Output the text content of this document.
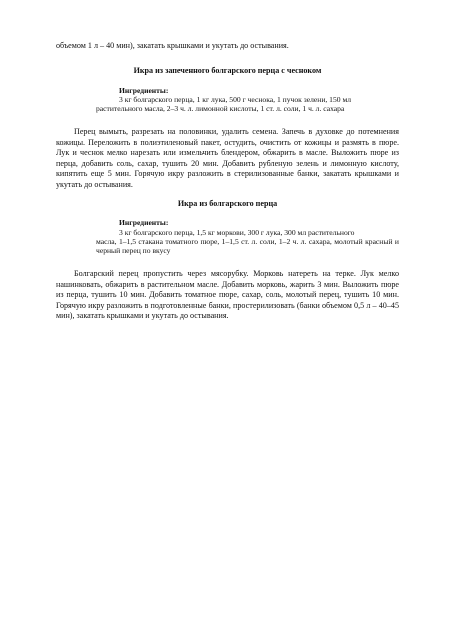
объемом 1 л – 40 мин), закатать крышками и укутать до остывания.

Икра из запеченного болгарского перца с чесноком

Ингредиенты:

3 кг болгарского перца, 1 кг лука, 500 г чеснока, 1 пучок зелени, 150 мл
растительного масла, 2–3 ч. л. лимонной кислоты, 1 ст. л. соли, 1 ч. л. сахара

Перец вымыть, разрезать на половинки, удалить семена. Запечь в духовке до потемнения кожицы. Переложить в полиэтиленовый пакет, остудить, очистить от кожицы и размять в пюре. Лук и чеснок мелко нарезать или измельчить блендером, обжарить в масле. Выложить пюре из перца, добавить соль, сахар, тушить 20 мин. Добавить рубленую зелень и лимонную кислоту, кипятить еще 5 мин. Горячую икру разложить в стерилизованные банки, закатать крышками и укутать до остывания.

Икра из болгарского перца

Ингредиенты:

3 кг болгарского перца, 1,5 кг моркови, 300 г лука, 300 мл растительного
масла, 1–1,5 стакана томатного пюре, 1–1,5 ст. л. соли, 1–2 ч. л. сахара, молотый красный и черный перец по вкусу

Болгарский перец пропустить через мясорубку. Морковь натереть на терке. Лук мелко нашинковать, обжарить в растительном масле. Добавить морковь, жарить 3 мин. Выложить пюре из перца, тушить 10 мин. Добавить томатное пюре, сахар, соль, молотый перец, тушить 10 мин. Горячую икру разложить в подготовленные банки, простерилизовать (банки объемом 0,5 л – 40–45 мин), закатать крышками и укутать до остывания.
